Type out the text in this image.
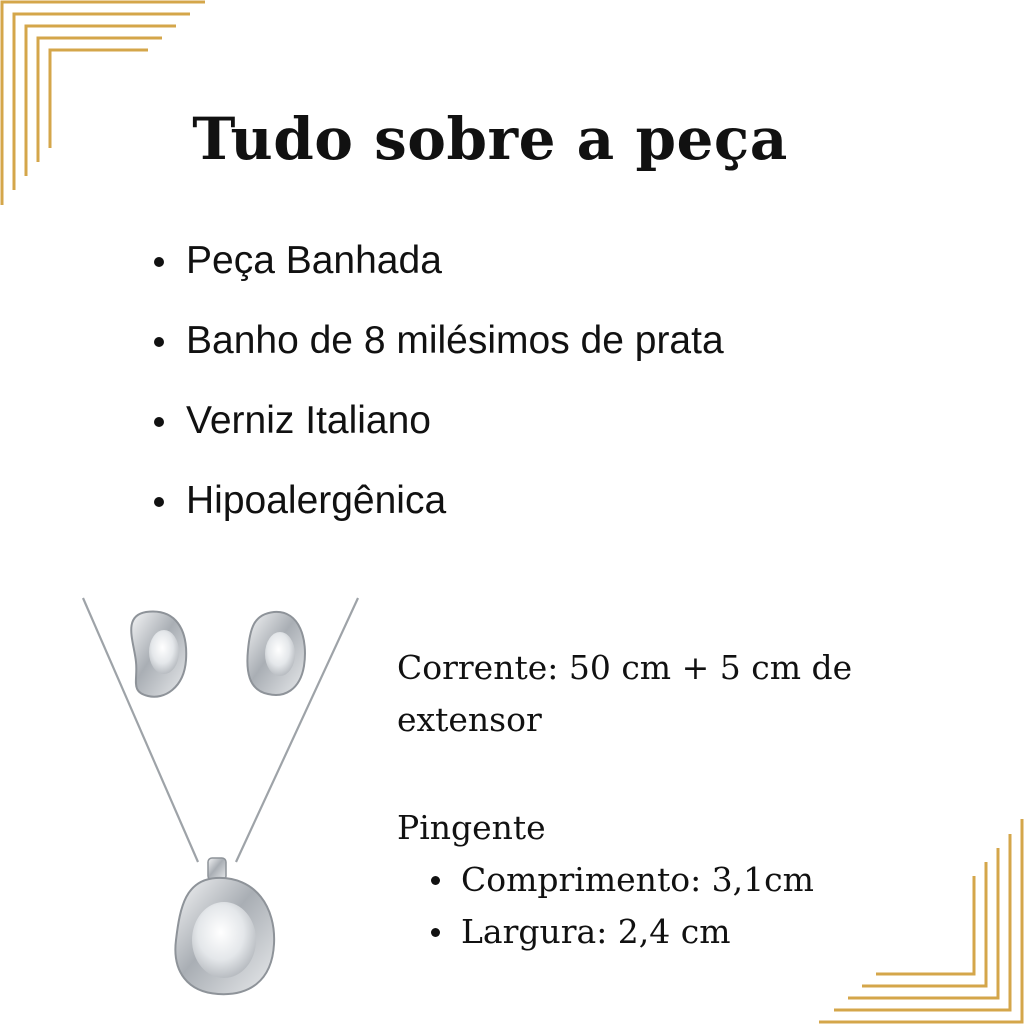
Tudo sobre a peça
Peça Banhada
Banho de 8 milésimos de prata
Verniz Italiano
Hipoalergênica
Corrente: 50 cm + 5 cm de
extensor
Pingente
Comprimento: 3,1cm
Largura: 2,4 cm
